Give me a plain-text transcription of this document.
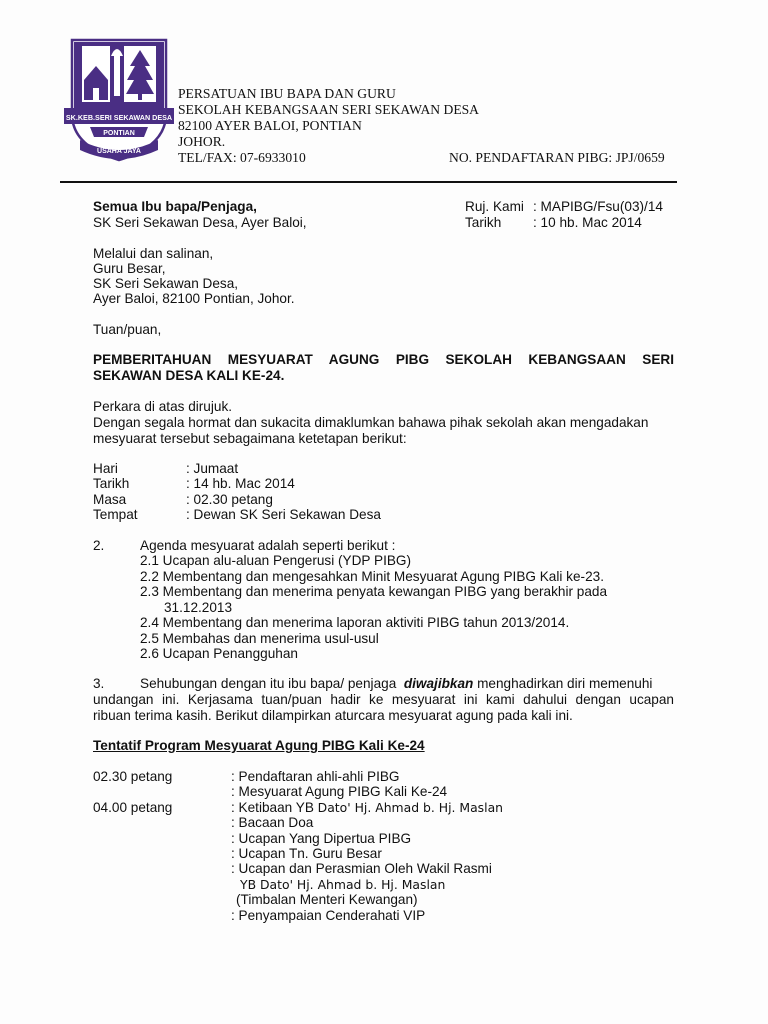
SK.KEB.SERI SEKAWAN DESA
PONTIAN
USAHA JAYA
PERSATUAN IBU BAPA DAN GURU
SEKOLAH KEBANGSAAN SERI SEKAWAN DESA
82100 AYER BALOI, PONTIAN
JOHOR.
TEL/FAX: 07-6933010	NO. PENDAFTARAN PIBG: JPJ/0659
Semua Ibu bapa/Penjaga,
SK Seri Sekawan Desa, Ayer Baloi,
Ruj. Kami : MAPIBG/Fsu(03)/14
Tarikh : 10 hb. Mac 2014
Melalui dan salinan,
Guru Besar,
SK Seri Sekawan Desa,
Ayer Baloi, 82100 Pontian, Johor.
Tuan/puan,
PEMBERITAHUAN MESYUARAT AGUNG PIBG SEKOLAH KEBANGSAAN SERI
SEKAWAN DESA KALI KE-24.
Perkara di atas dirujuk.
Dengan segala hormat dan sukacita dimaklumkan bahawa pihak sekolah akan mengadakan
mesyuarat tersebut sebagaimana ketetapan berikut:
Hari	: Jumaat
Tarikh	: 14 hb. Mac 2014
Masa	: 02.30 petang
Tempat	: Dewan SK Seri Sekawan Desa
2.	Agenda mesyuarat adalah seperti berikut :
2.1 Ucapan alu-aluan Pengerusi (YDP PIBG)
2.2 Membentang dan mengesahkan Minit Mesyuarat Agung PIBG Kali ke-23.
2.3 Membentang dan menerima penyata kewangan PIBG yang berakhir pada
31.12.2013
2.4 Membentang dan menerima laporan aktiviti PIBG tahun 2013/2014.
2.5 Membahas dan menerima usul-usul
2.6 Ucapan Penangguhan
3.	Sehubungan dengan itu ibu bapa/ penjaga diwajibkan menghadirkan diri memenuhi
undangan ini. Kerjasama tuan/puan hadir ke mesyuarat ini kami dahului dengan ucapan
ribuan terima kasih. Berikut dilampirkan aturcara mesyuarat agung pada kali ini.
Tentatif Program Mesyuarat Agung PIBG Kali Ke-24
02.30 petang	: Pendaftaran ahli-ahli PIBG
: Mesyuarat Agung PIBG Kali Ke-24
04.00 petang	: Ketibaan YB Dato' Hj. Ahmad b. Hj. Maslan
: Bacaan Doa
: Ucapan Yang Dipertua PIBG
: Ucapan Tn. Guru Besar
: Ucapan dan Perasmian Oleh Wakil Rasmi
YB Dato' Hj. Ahmad b. Hj. Maslan
(Timbalan Menteri Kewangan)
: Penyampaian Cenderahati VIP
